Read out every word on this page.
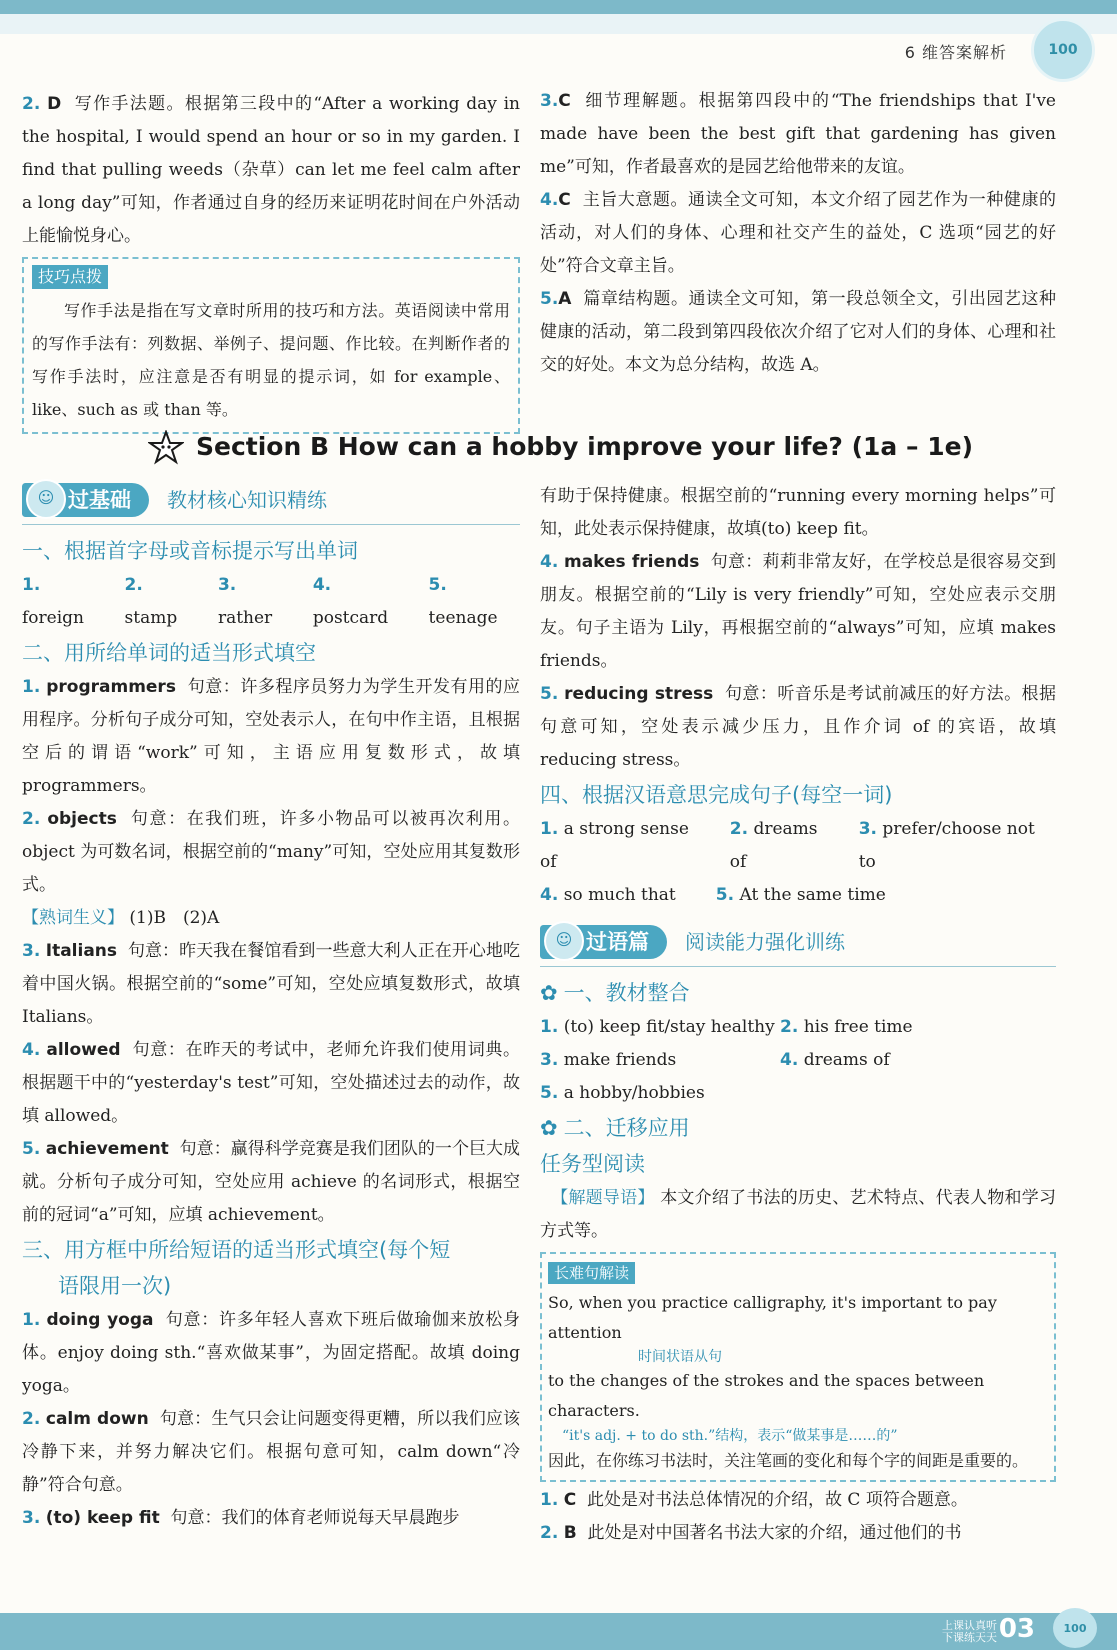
6 维答案解析	100

2. D 写作手法题。根据第三段中的“After a working day in the hospital, I would spend an hour or so in my garden. I find that pulling weeds（杂草）can let me feel calm after a long day”可知，作者通过自身的经历来证明花时间在户外活动上能愉悦身心。

技巧点拨

写作手法是指在写文章时所用的技巧和方法。英语阅读中常用的写作手法有：列数据、举例子、提问题、作比较。在判断作者的写作手法时，应注意是否有明显的提示词，如 for example、like、such as 或 than 等。

3.C 细节理解题。根据第四段中的“The friendships that I've made have been the best gift that gardening has given me”可知，作者最喜欢的是园艺给他带来的友谊。

4.C 主旨大意题。通读全文可知，本文介绍了园艺作为一种健康的活动，对人们的身体、心理和社交产生的益处，C 选项“园艺的好处”符合文章主旨。

5.A 篇章结构题。通读全文可知，第一段总领全文，引出园艺这种健康的活动，第二段到第四段依次介绍了它对人们的身体、心理和社交的好处。本文为总分结构，故选 A。

Section B How can a hobby improve your life? (1a – 1e)
☺ 过基础	教材核心知识精练
一、根据首字母或音标提示写出单词
1. foreign
2. stamp
3. rather
4. postcard
5. teenage
二、用所给单词的适当形式填空

1. programmers 句意：许多程序员努力为学生开发有用的应用程序。分析句子成分可知，空处表示人，在句中作主语，且根据空后的谓语“work”可知，主语应用复数形式，故填 programmers。

2. objects 句意：在我们班，许多小物品可以被再次利用。object 为可数名词，根据空前的“many”可知，空处应用其复数形式。

【熟词生义】 (1)B　(2)A

3. Italians 句意：昨天我在餐馆看到一些意大利人正在开心地吃着中国火锅。根据空前的“some”可知，空处应填复数形式，故填 Italians。

4. allowed 句意：在昨天的考试中，老师允许我们使用词典。根据题干中的“yesterday's test”可知，空处描述过去的动作，故填 allowed。

5. achievement 句意：赢得科学竞赛是我们团队的一个巨大成就。分析句子成分可知，空处应用 achieve 的名词形式，根据空前的冠词“a”可知，应填 achievement。

三、用方框中所给短语的适当形式填空(每个短
语限用一次)

1. doing yoga 句意：许多年轻人喜欢下班后做瑜伽来放松身体。enjoy doing sth.“喜欢做某事”，为固定搭配。故填 doing yoga。

2. calm down 句意：生气只会让问题变得更糟，所以我们应该冷静下来，并努力解决它们。根据句意可知，calm down“冷静”符合句意。

3. (to) keep fit 句意：我们的体育老师说每天早晨跑步

有助于保持健康。根据空前的“running every morning helps”可知，此处表示保持健康，故填(to) keep fit。

4. makes friends 句意：莉莉非常友好，在学校总是很容易交到朋友。根据空前的“Lily is very friendly”可知，空处应表示交朋友。句子主语为 Lily，再根据空前的“always”可知，应填 makes friends。

5. reducing stress 句意：听音乐是考试前减压的好方法。根据句意可知，空处表示减少压力，且作介词 of 的宾语，故填 reducing stress。

四、根据汉语意思完成句子(每空一词)
1. a strong sense of
2. dreams of
3. prefer/choose not to
4. so much that 5. At the same time
☺ 过语篇	阅读能力强化训练
✿ 一、教材整合
1. (to) keep fit/stay healthy 2. his free time
3. make friends	4. dreams of
5. a hobby/hobbies
✿ 二、迁移应用
任务型阅读

【解题导语】 本文介绍了书法的历史、艺术特点、代表人物和学习方式等。

长难句解读
So, when you practice calligraphy, it's important to pay attention
时间状语从句
to the changes of the strokes and the spaces between characters.
“it's adj. + to do sth.”结构，表示“做某事是……的”
因此，在你练习书法时，关注笔画的变化和每个字的间距是重要的。

1. C 此处是对书法总体情况的介绍，故 C 项符合题意。

2. B 此处是对中国著名书法大家的介绍，通过他们的书

上课认真听
下课练天天 03	100
